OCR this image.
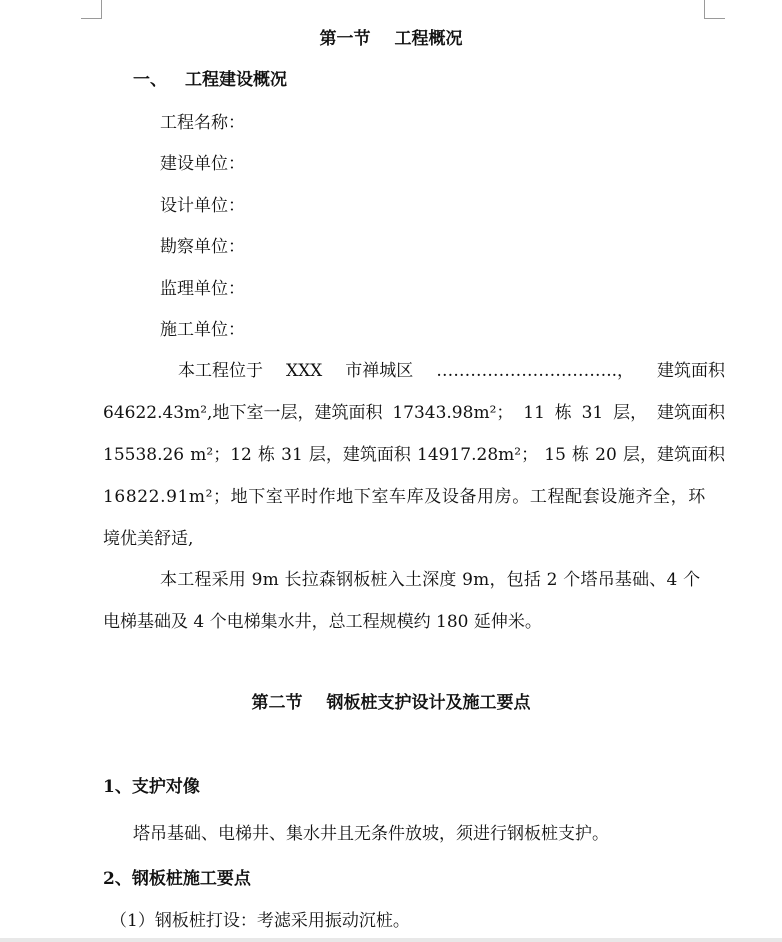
第一节 工程概况
一、 工程建设概况
工程名称：
建设单位：
设计单位：
勘察单位：
监理单位：
施工单位：
本工程位于 XXX 市禅城区 …………………………..， 建筑面积
64622.43m²,地下室一层，建筑面积 17343.98m²； 11 栋 31 层， 建筑面积
15538.26 m²；12 栋 31 层，建筑面积 14917.28m²； 15 栋 20 层，建筑面积
16822.91m²；地下室平时作地下室车库及设备用房。工程配套设施齐全，环
境优美舒适,
本工程采用 9m 长拉森钢板桩入土深度 9m，包括 2 个塔吊基础、4 个
电梯基础及 4 个电梯集水井，总工程规模约 180 延伸米。
第二节 钢板桩支护设计及施工要点
1、支护对像
塔吊基础、电梯井、集水井且无条件放坡，须进行钢板桩支护。
2、钢板桩施工要点
（1）钢板桩打设：考滤采用振动沉桩。
